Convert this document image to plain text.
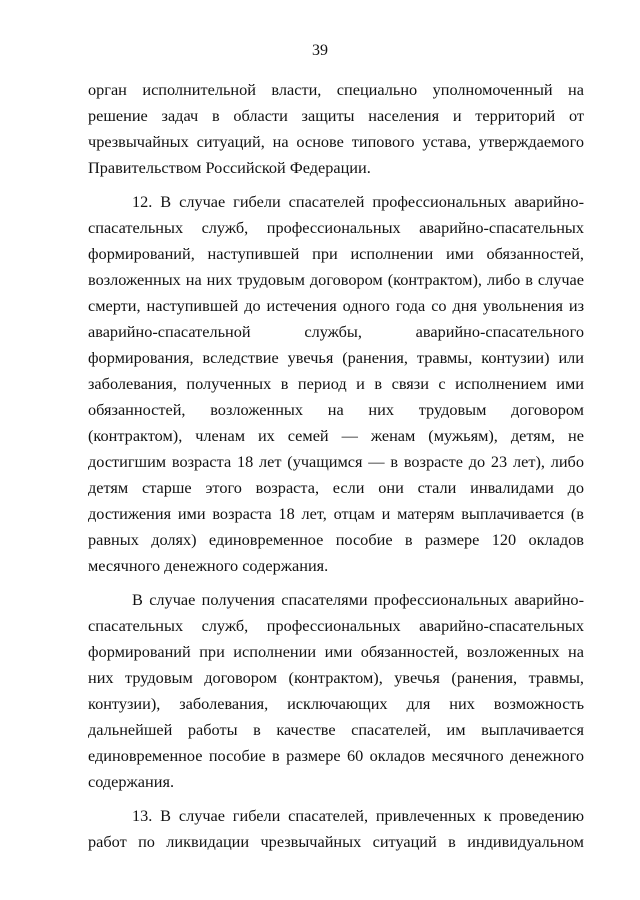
39
орган исполнительной власти, специально уполномоченный на
решение задач в области защиты населения и территорий от
чрезвычайных ситуаций, на основе типового устава, утверждаемого
Правительством Российской Федерации.
12. В случае гибели спасателей профессиональных аварийно-
спасательных служб, профессиональных аварийно-спасательных
формирований, наступившей при исполнении ими обязанностей,
возложенных на них трудовым договором (контрактом), либо в случае
смерти, наступившей до истечения одного года со дня увольнения из
аварийно-спасательной службы, аварийно-спасательного
формирования, вследствие увечья (ранения, травмы, контузии) или
заболевания, полученных в период и в связи с исполнением ими
обязанностей, возложенных на них трудовым договором
(контрактом), членам их семей — женам (мужьям), детям, не
достигшим возраста 18 лет (учащимся — в возрасте до 23 лет), либо
детям старше этого возраста, если они стали инвалидами до
достижения ими возраста 18 лет, отцам и матерям выплачивается (в
равных долях) единовременное пособие в размере 120 окладов
месячного денежного содержания.
В случае получения спасателями профессиональных аварийно-
спасательных служб, профессиональных аварийно-спасательных
формирований при исполнении ими обязанностей, возложенных на
них трудовым договором (контрактом), увечья (ранения, травмы,
контузии), заболевания, исключающих для них возможность
дальнейшей работы в качестве спасателей, им выплачивается
единовременное пособие в размере 60 окладов месячного денежного
содержания.
13. В случае гибели спасателей, привлеченных к проведению
работ по ликвидации чрезвычайных ситуаций в индивидуальном
